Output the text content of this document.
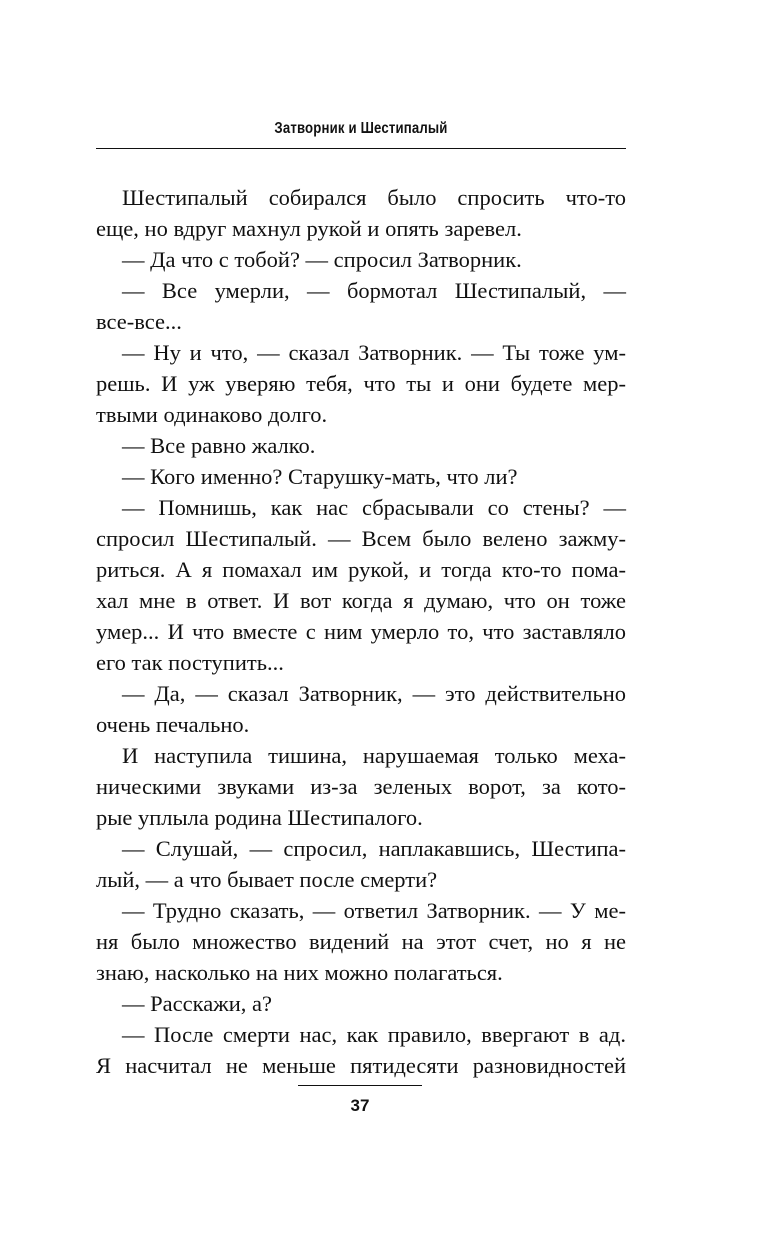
Затворник и Шестипалый
Шестипалый собирался было спросить что-то
еще, но вдруг махнул рукой и опять заревел.
— Да что с тобой? — спросил Затворник.
— Все умерли, — бормотал Шестипалый, —
все-все...
— Ну и что, — сказал Затворник. — Ты тоже ум-
решь. И уж уверяю тебя, что ты и они будете мер-
твыми одинаково долго.
— Все равно жалко.
— Кого именно? Старушку-мать, что ли?
— Помнишь, как нас сбрасывали со стены? —
спросил Шестипалый. — Всем было велено зажму-
риться. А я помахал им рукой, и тогда кто-то пома-
хал мне в ответ. И вот когда я думаю, что он тоже
умер... И что вместе с ним умерло то, что заставляло
его так поступить...
— Да, — сказал Затворник, — это действительно
очень печально.
И наступила тишина, нарушаемая только меха-
ническими звуками из-за зеленых ворот, за кото-
рые уплыла родина Шестипалого.
— Слушай, — спросил, наплакавшись, Шестипа-
лый, — а что бывает после смерти?
— Трудно сказать, — ответил Затворник. — У ме-
ня было множество видений на этот счет, но я не
знаю, насколько на них можно полагаться.
— Расскажи, а?
— После смерти нас, как правило, ввергают в ад.
Я насчитал не меньше пятидесяти разновидностей
37
